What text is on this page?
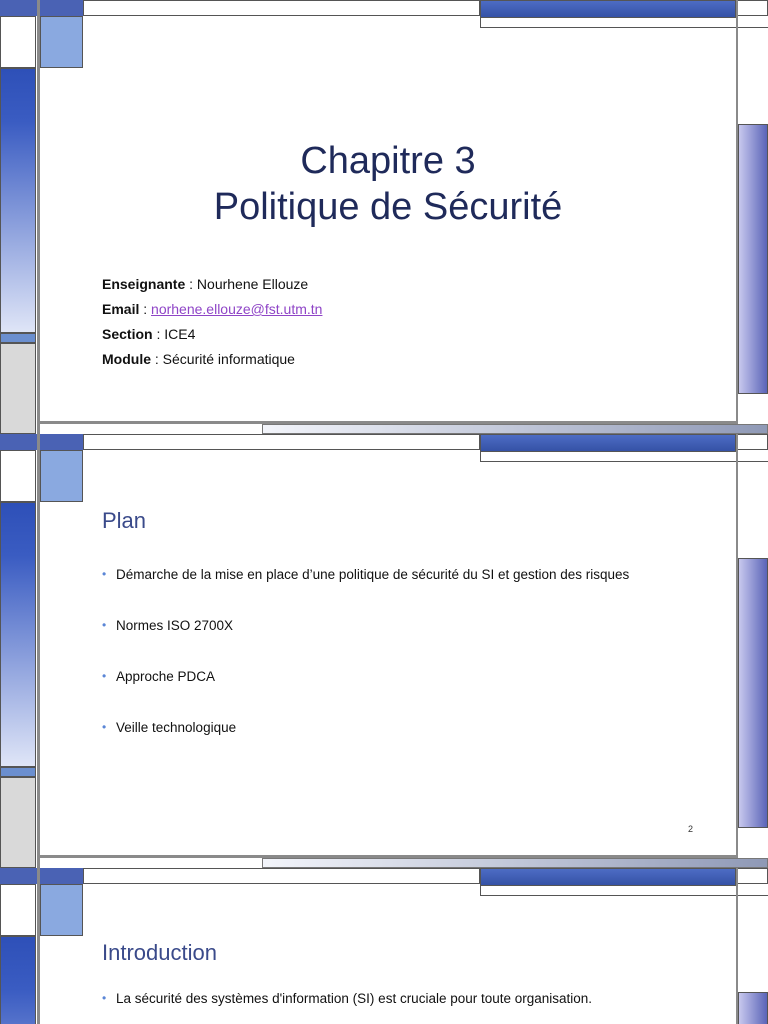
Chapitre 3
Politique de Sécurité
Enseignante : Nourhene Ellouze
Email : norhene.ellouze@fst.utm.tn
Section : ICE4
Module : Sécurité informatique
Plan
• Démarche de la mise en place d’une politique de sécurité du SI et gestion des risques
• Normes ISO 2700X
• Approche PDCA
• Veille technologique
2
Introduction
• La sécurité des systèmes d'information (SI) est cruciale pour toute organisation.
